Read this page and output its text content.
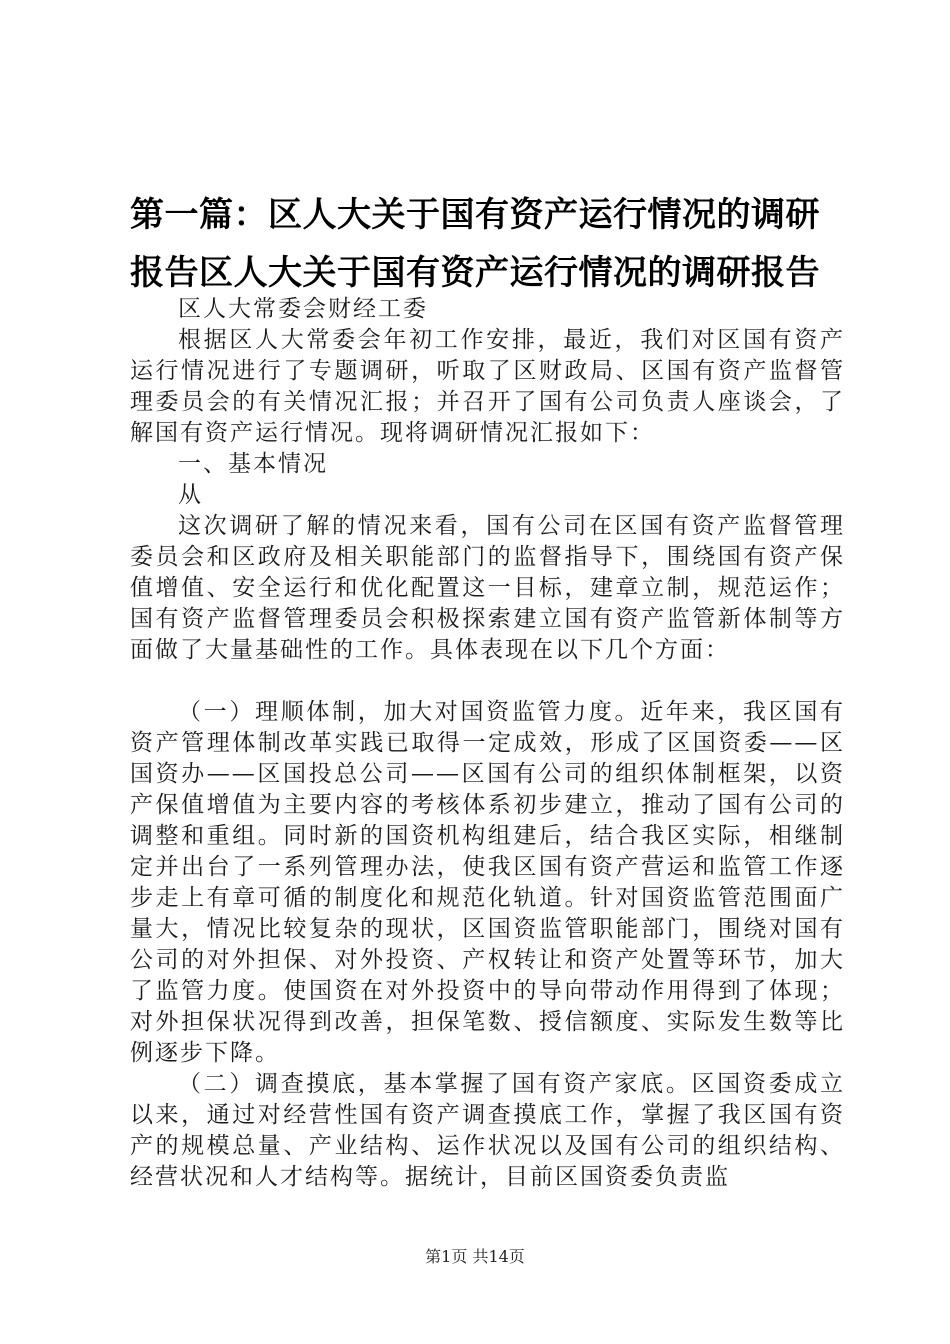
第一篇：区人大关于国有资产运行情况的调研报告区人大关于国有资产运行情况的调研报告

区人大常委会财经工委

根据区人大常委会年初工作安排，最近，我们对区国有资产运行情况进行了专题调研，听取了区财政局、区国有资产监督管理委员会的有关情况汇报；并召开了国有公司负责人座谈会，了解国有资产运行情况。现将调研情况汇报如下：

一、基本情况

从

这次调研了解的情况来看，国有公司在区国有资产监督管理委员会和区政府及相关职能部门的监督指导下，围绕国有资产保值增值、安全运行和优化配置这一目标，建章立制，规范运作；国有资产监督管理委员会积极探索建立国有资产监管新体制等方面做了大量基础性的工作。具体表现在以下几个方面：

（一）理顺体制，加大对国资监管力度。近年来，我区国有资产管理体制改革实践已取得一定成效，形成了区国资委——区国资办——区国投总公司——区国有公司的组织体制框架，以资产保值增值为主要内容的考核体系初步建立，推动了国有公司的调整和重组。同时新的国资机构组建后，结合我区实际，相继制定并出台了一系列管理办法，使我区国有资产营运和监管工作逐步走上有章可循的制度化和规范化轨道。针对国资监管范围面广量大，情况比较复杂的现状，区国资监管职能部门，围绕对国有公司的对外担保、对外投资、产权转让和资产处置等环节，加大了监管力度。使国资在对外投资中的导向带动作用得到了体现；对外担保状况得到改善，担保笔数、授信额度、实际发生数等比例逐步下降。

（二）调查摸底，基本掌握了国有资产家底。区国资委成立以来，通过对经营性国有资产调查摸底工作，掌握了我区国有资产的规模总量、产业结构、运作状况以及国有公司的组织结构、经营状况和人才结构等。据统计，目前区国资委负责监

第1页 共14页
